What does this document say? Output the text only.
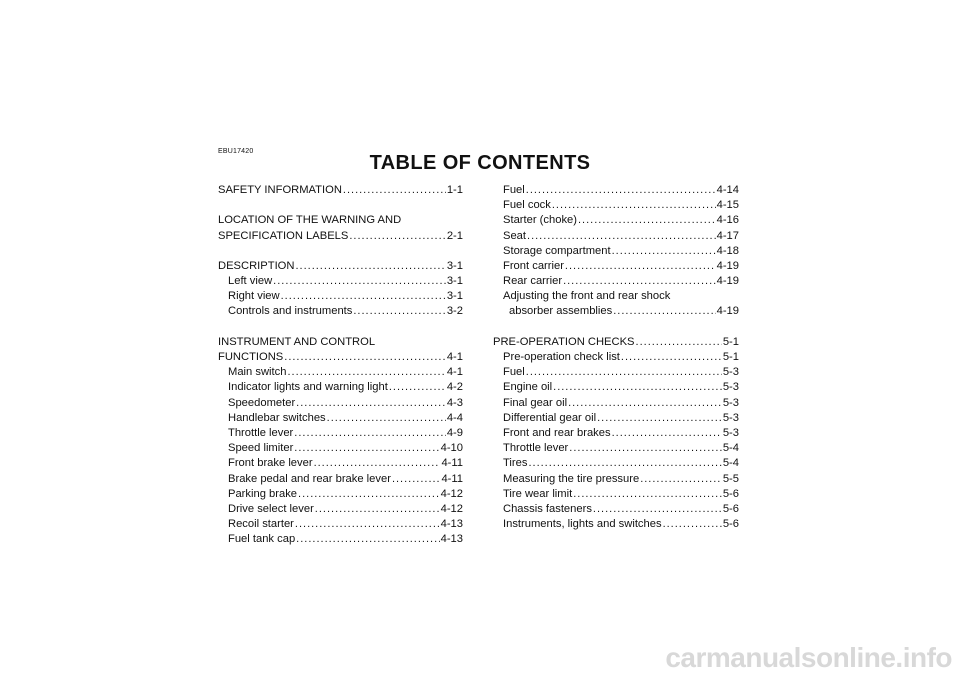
EBU17420
TABLE OF CONTENTS
SAFETY INFORMATION .....	1-1
LOCATION OF THE WARNING AND
SPECIFICATION LABELS .....	2-1
DESCRIPTION .....	3-1
Left view .....	3-1
Right view .....	3-1
Controls and instruments .....	3-2
INSTRUMENT AND CONTROL
FUNCTIONS .....	4-1
Main switch .....	4-1
Indicator lights and warning light .....	4-2
Speedometer .....	4-3
Handlebar switches .....	4-4
Throttle lever .....	4-9
Speed limiter .....	4-10
Front brake lever .....	4-11
Brake pedal and rear brake lever .....	4-11
Parking brake .....	4-12
Drive select lever .....	4-12
Recoil starter .....	4-13
Fuel tank cap .....	4-13
Fuel .....	4-14
Fuel cock .....	4-15
Starter (choke) .....	4-16
Seat .....	4-17
Storage compartment .....	4-18
Front carrier .....	4-19
Rear carrier .....	4-19
Adjusting the front and rear shock
absorber assemblies .....	4-19
PRE-OPERATION CHECKS .....	5-1
Pre-operation check list .....	5-1
Fuel .....	5-3
Engine oil .....	5-3
Final gear oil .....	5-3
Differential gear oil .....	5-3
Front and rear brakes .....	5-3
Throttle lever .....	5-4
Tires .....	5-4
Measuring the tire pressure .....	5-5
Tire wear limit .....	5-6
Chassis fasteners .....	5-6
Instruments, lights and switches .....	5-6
carmanualsonline.info
